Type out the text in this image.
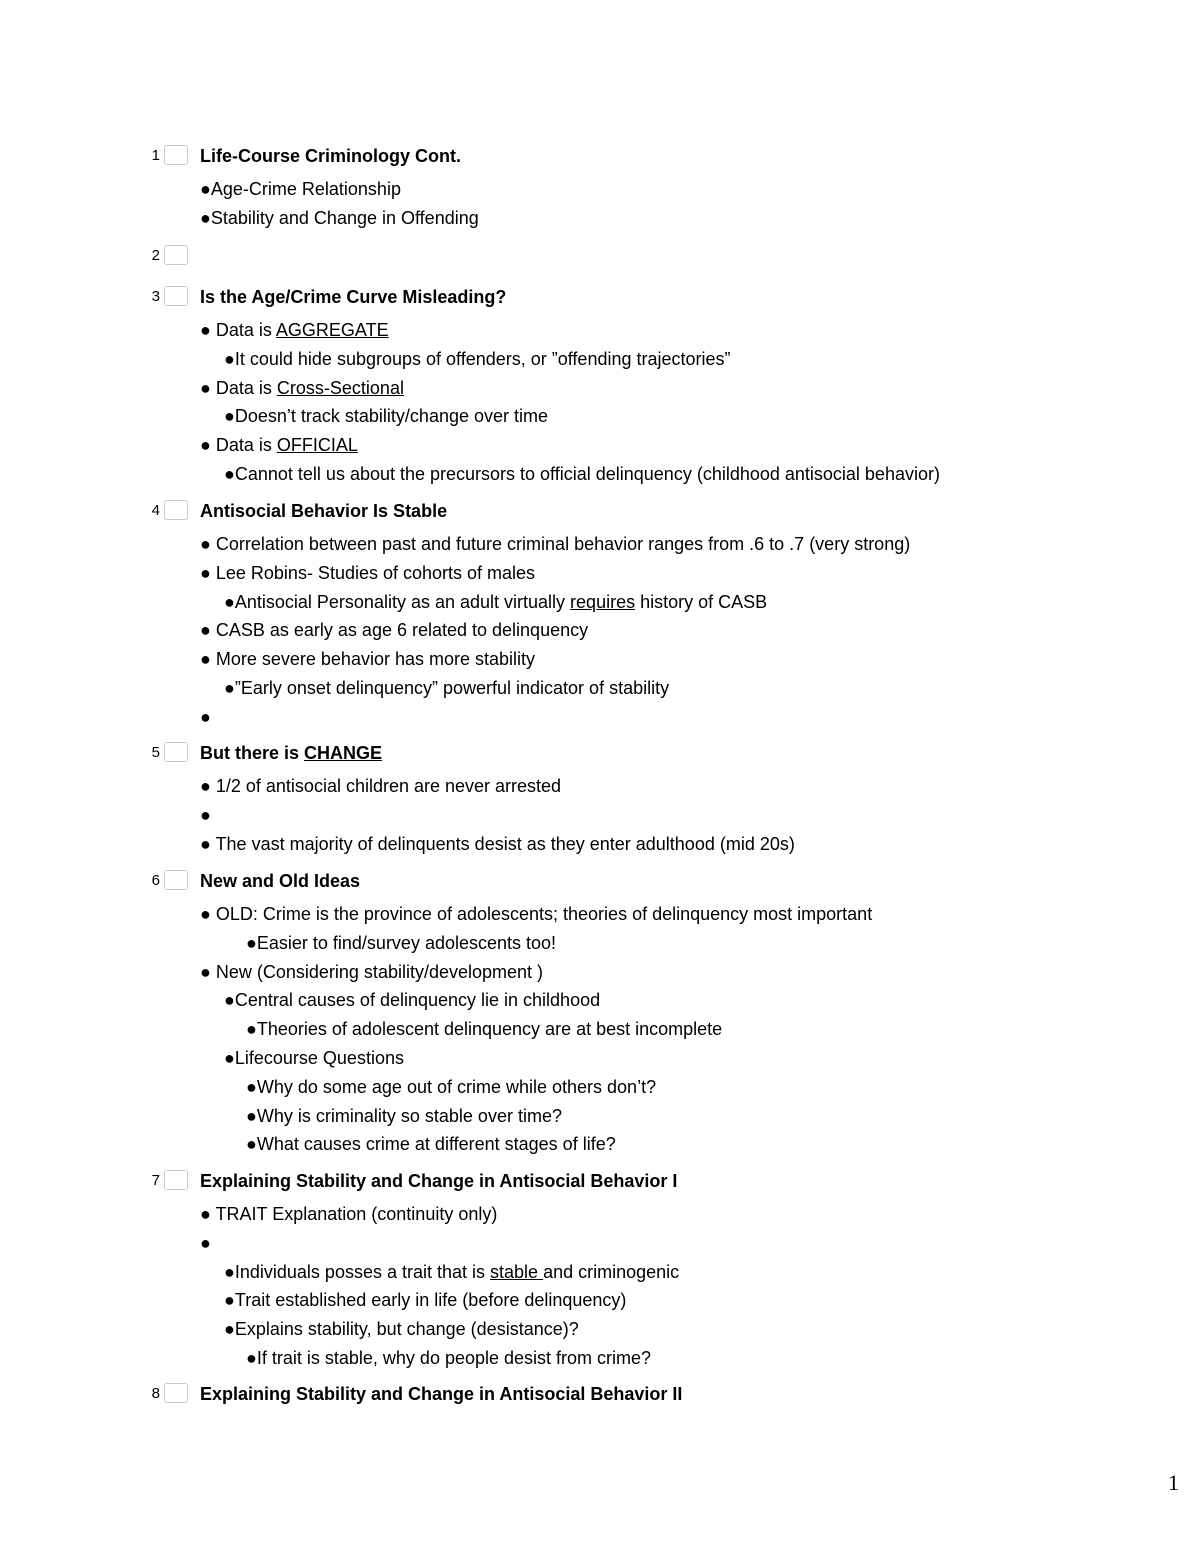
1 Life-Course Criminology Cont.
●Age-Crime Relationship
●Stability and Change in Offending
2
3 Is the Age/Crime Curve Misleading?
● Data is AGGREGATE
●It could hide subgroups of offenders, or ”offending trajectories”
● Data is Cross-Sectional
●Doesn’t track stability/change over time
● Data is OFFICIAL
●Cannot tell us about the precursors to official delinquency (childhood antisocial behavior)
4 Antisocial Behavior Is Stable
● Correlation between past and future criminal behavior ranges from .6 to .7 (very strong)
● Lee Robins- Studies of cohorts of males
●Antisocial Personality as an adult virtually requires history of CASB
● CASB as early as age 6 related to delinquency
● More severe behavior has more stability
●”Early onset delinquency” powerful indicator of stability
●
5 But there is CHANGE
● 1/2 of antisocial children are never arrested
●
● The vast majority of delinquents desist as they enter adulthood (mid 20s)
6 New and Old Ideas
● OLD: Crime is the province of adolescents; theories of delinquency most important
●Easier to find/survey adolescents too!
● New (Considering stability/development )
●Central causes of delinquency lie in childhood
●Theories of adolescent delinquency are at best incomplete
●Lifecourse Questions
●Why do some age out of crime while others don’t?
●Why is criminality so stable over time?
●What causes crime at different stages of life?
7 Explaining Stability and Change in Antisocial Behavior I
● TRAIT Explanation (continuity only)
●
●Individuals posses a trait that is stable and criminogenic
●Trait established early in life (before delinquency)
●Explains stability, but change (desistance)?
●If trait is stable, why do people desist from crime?
8 Explaining Stability and Change in Antisocial Behavior II
1
